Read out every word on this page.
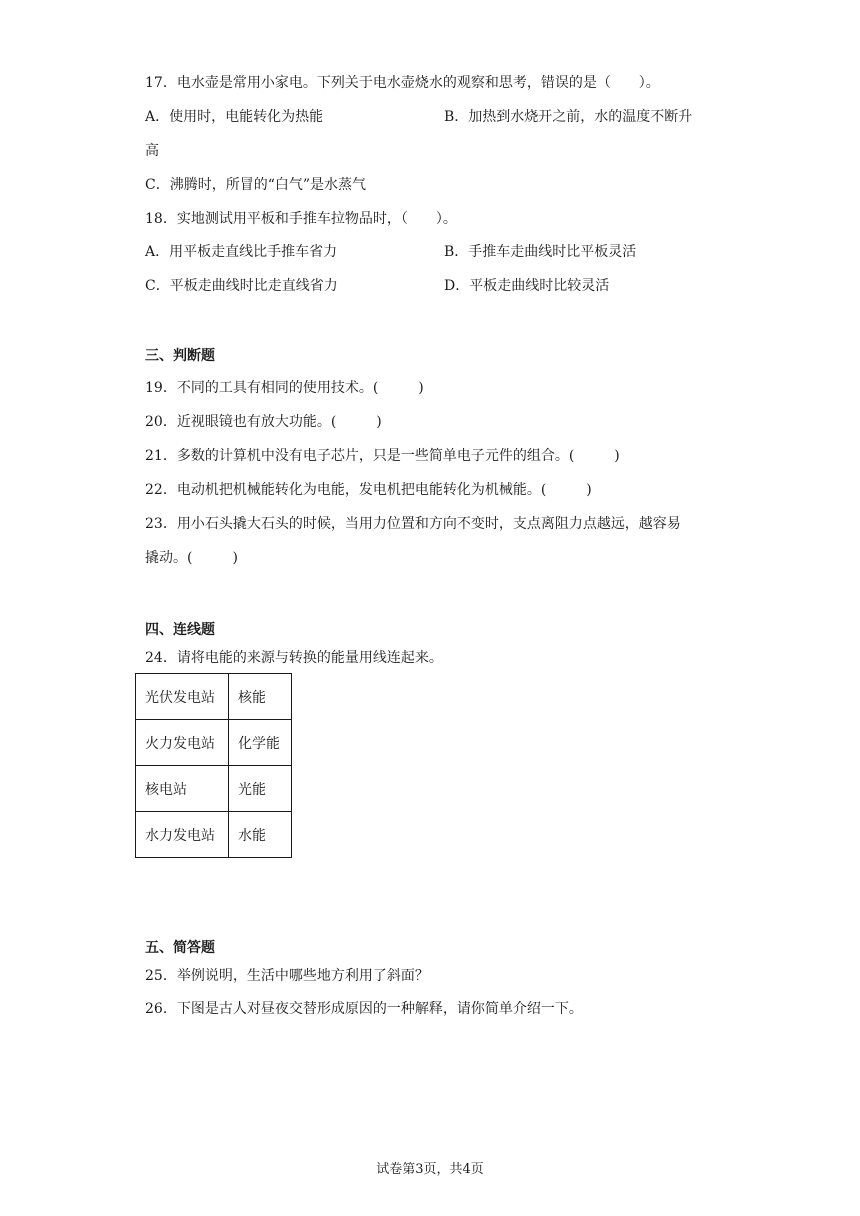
17．电水壶是常用小家电。下列关于电水壶烧水的观察和思考，错误的是（　　）。
A．使用时，电能转化为热能	B．加热到水烧开之前，水的温度不断升
高
C．沸腾时，所冒的“白气”是水蒸气
18．实地测试用平板和手推车拉物品时，（　　）。
A．用平板走直线比手推车省力	B．手推车走曲线时比平板灵活
C．平板走曲线时比走直线省力	D．平板走曲线时比较灵活
三、判断题
19．不同的工具有相同的使用技术。(	)
20．近视眼镜也有放大功能。(	)
21．多数的计算机中没有电子芯片，只是一些简单电子元件的组合。(	)
22．电动机把机械能转化为电能，发电机把电能转化为机械能。(	)
23．用小石头撬大石头的时候，当用力位置和方向不变时，支点离阻力点越远，越容易
撬动。(	)
四、连线题
24．请将电能的来源与转换的能量用线连起来。
光伏发电站	核能
火力发电站	化学能
核电站	光能
水力发电站	水能
五、简答题
25．举例说明，生活中哪些地方利用了斜面？
26．下图是古人对昼夜交替形成原因的一种解释，请你简单介绍一下。
试卷第3页，共4页
